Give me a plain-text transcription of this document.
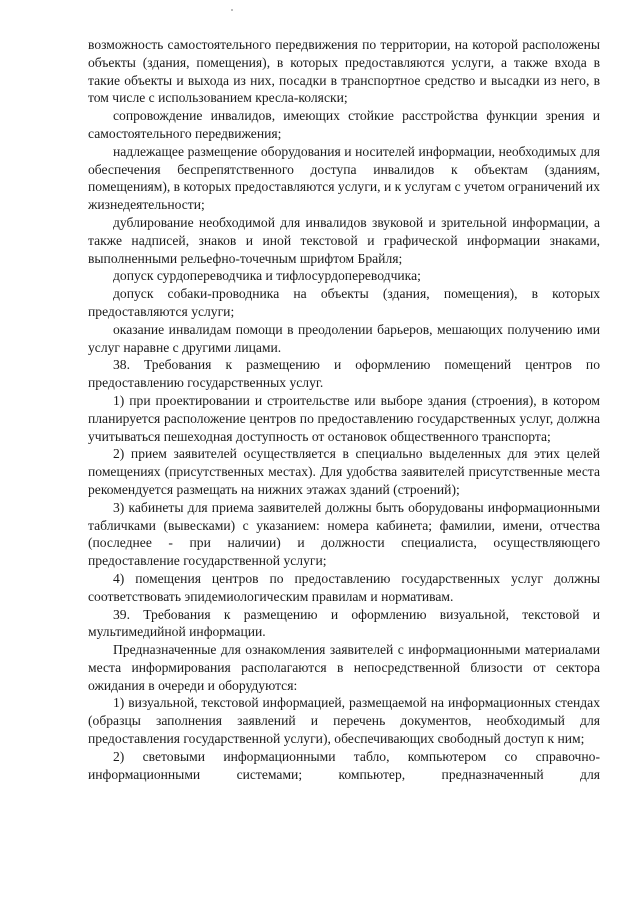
возможность самостоятельного передвижения по территории, на которой расположены объекты (здания, помещения), в которых предоставляются услуги, а также входа в такие объекты и выхода из них, посадки в транспортное средство и высадки из него, в том числе с использованием кресла-коляски;

сопровождение инвалидов, имеющих стойкие расстройства функции зрения и самостоятельного передвижения;

надлежащее размещение оборудования и носителей информации, необходимых для обеспечения беспрепятственного доступа инвалидов к объектам (зданиям, помещениям), в которых предоставляются услуги, и к услугам с учетом ограничений их жизнедеятельности;

дублирование необходимой для инвалидов звуковой и зрительной информации, а также надписей, знаков и иной текстовой и графической информации знаками, выполненными рельефно-точечным шрифтом Брайля;

допуск сурдопереводчика и тифлосурдопереводчика;

допуск собаки-проводника на объекты (здания, помещения), в которых предоставляются услуги;

оказание инвалидам помощи в преодолении барьеров, мешающих получению ими услуг наравне с другими лицами.

38. Требования к размещению и оформлению помещений центров по предоставлению государственных услуг.

1) при проектировании и строительстве или выборе здания (строения), в котором планируется расположение центров по предоставлению государственных услуг, должна учитываться пешеходная доступность от остановок общественного транспорта;

2) прием заявителей осуществляется в специально выделенных для этих целей помещениях (присутственных местах). Для удобства заявителей присутственные места рекомендуется размещать на нижних этажах зданий (строений);

3) кабинеты для приема заявителей должны быть оборудованы информационными табличками (вывесками) с указанием: номера кабинета; фамилии, имени, отчества (последнее - при наличии) и должности специалиста, осуществляющего предоставление государственной услуги;

4) помещения центров по предоставлению государственных услуг должны соответствовать эпидемиологическим правилам и нормативам.

39. Требования к размещению и оформлению визуальной, текстовой и мультимедийной информации.

Предназначенные для ознакомления заявителей с информационными материалами места информирования располагаются в непосредственной близости от сектора ожидания в очереди и оборудуются:

1) визуальной, текстовой информацией, размещаемой на информационных стендах (образцы заполнения заявлений и перечень документов, необходимый для предоставления государственной услуги), обеспечивающих свободный доступ к ним;

2) световыми информационными табло, компьютером со справочно-информационными системами; компьютер, предназначенный для
